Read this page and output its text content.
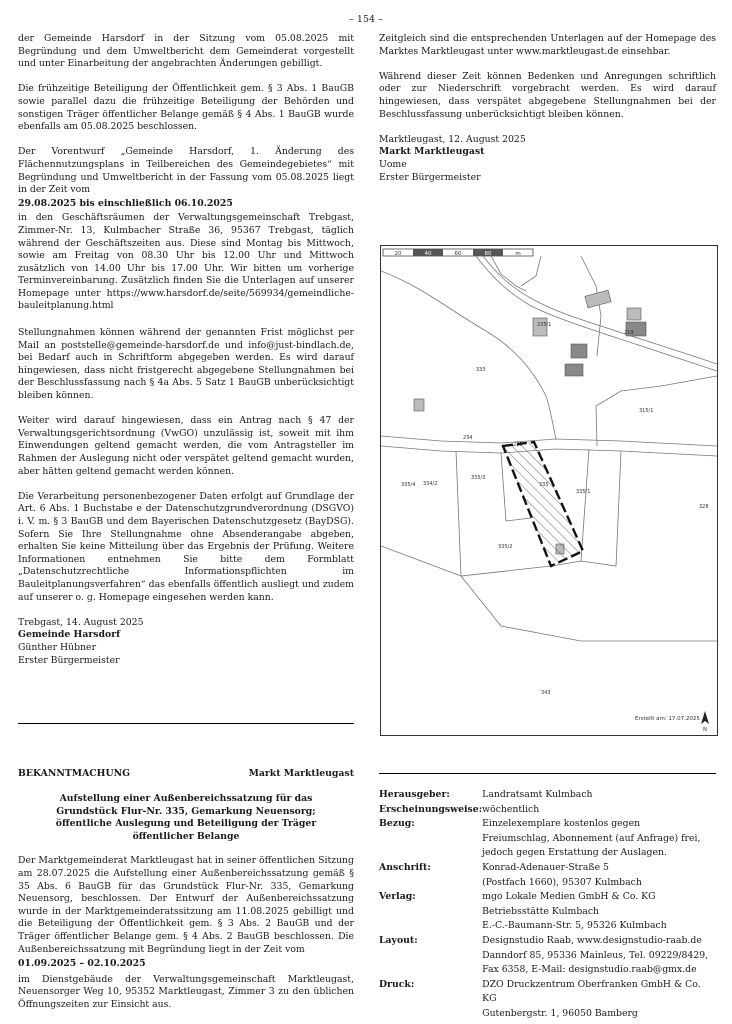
– 154 –

der Gemeinde Harsdorf in der Sitzung vom 05.08.2025 mit Begründung und dem Umweltbericht dem Gemeinderat vorgestellt und unter Einarbeitung der angebrachten Änderungen gebilligt.

Die frühzeitige Beteiligung der Öffentlichkeit gem. § 3 Abs. 1 BauGB sowie parallel dazu die frühzeitige Beteiligung der Behörden und sonstigen Träger öffentlicher Belange gemäß § 4 Abs. 1 BauGB wurde ebenfalls am 05.08.2025 beschlossen.

Der Vorentwurf „Gemeinde Harsdorf, 1. Änderung des Flächennutzungsplans in Teilbereichen des Gemeindegebietes“ mit Begründung und Umweltbericht in der Fassung vom 05.08.2025 liegt in der Zeit vom

29.08.2025 bis einschließlich 06.10.2025

in den Geschäftsräumen der Verwaltungsgemeinschaft Trebgast, Zimmer-Nr. 13, Kulmbacher Straße 36, 95367 Trebgast, täglich während der Geschäftszeiten aus. Diese sind Montag bis Mittwoch, sowie am Freitag von 08.30 Uhr bis 12.00 Uhr und Mittwoch zusätzlich von 14.00 Uhr bis 17.00 Uhr. Wir bitten um vorherige Terminvereinbarung. Zusätzlich finden Sie die Unterlagen auf unserer Homepage unter https://www.harsdorf.de/seite/569934/gemeindliche-bauleitplanung.html

Stellungnahmen können während der genannten Frist möglichst per Mail an poststelle@gemeinde-harsdorf.de und info@just-bindlach.de, bei Bedarf auch in Schriftform abgegeben werden. Es wird darauf hingewiesen, dass nicht fristgerecht abgegebene Stellungnahmen bei der Beschlussfassung nach § 4a Abs. 5 Satz 1 BauGB unberücksichtigt bleiben können.

Weiter wird darauf hingewiesen, dass ein Antrag nach § 47 der Verwaltungsgerichtsordnung (VwGO) unzulässig ist, soweit mit ihm Einwendungen geltend gemacht werden, die vom Antragsteller im Rahmen der Auslegung nicht oder verspätet geltend gemacht wurden, aber hätten geltend gemacht werden können.

Die Verarbeitung personenbezogener Daten erfolgt auf Grundlage der Art. 6 Abs. 1 Buchstabe e der Datenschutzgrundverordnung (DSGVO) i. V. m. § 3 BauGB und dem Bayerischen Datenschutzgesetz (BayDSG). Sofern Sie Ihre Stellungnahme ohne Absenderangabe abgeben, erhalten Sie keine Mitteilung über das Ergebnis der Prüfung. Weitere Informationen entnehmen Sie bitte dem Formblatt „Datenschutzrechtliche Informationspflichten im Bauleitplanungsverfahren“ das ebenfalls öffentlich ausliegt und zudem auf unserer o. g. Homepage eingesehen werden kann.

Trebgast, 14. August 2025
Gemeinde Harsdorf
Günther Hübner
Erster Bürgermeister

Zeitgleich sind die entsprechenden Unterlagen auf der Homepage des Marktes Marktleugast unter www.marktleugast.de einsehbar.

Während dieser Zeit können Bedenken und Anregungen schriftlich oder zur Niederschrift vorgebracht werden. Es wird darauf hingewiesen, dass verspätet abgegebene Stellungnahmen bei der Beschlussfassung unberücksichtigt bleiben können.

Marktleugast, 12. August 2025
Markt Marktleugast
Uome
Erster Bürgermeister
20	40	60	80	m
333
234
235/1
219
315/1
334/2
335/1
335/2
335/3
335/4
328
343
335
233
Erstellt am: 17.07.2025
N
BEKANNTMACHUNG	Markt Marktleugast
Aufstellung einer Außenbereichssatzung für das Grundstück Flur-Nr. 335, Gemarkung Neuensorg; öffentliche Auslegung und Beteiligung der Träger öffentlicher Belange

Der Marktgemeinderat Marktleugast hat in seiner öffentlichen Sitzung am 28.07.2025 die Aufstellung einer Außenbereichssatzung gemäß § 35 Abs. 6 BauGB für das Grundstück Flur-Nr. 335, Gemarkung Neuensorg, beschlossen. Der Entwurf der Außenbereichssatzung wurde in der Marktgemeinderatssitzung am 11.08.2025 gebilligt und die Beteiligung der Öffentlichkeit gem. § 3 Abs. 2 BauGB und der Träger öffentlicher Belange gem. § 4 Abs. 2 BauGB beschlossen. Die Außenbereichssatzung mit Begründung liegt in der Zeit vom

01.09.2025 – 02.10.2025

im Dienstgebäude der Verwaltungsgemeinschaft Marktleugast, Neuensorger Weg 10, 95352 Marktleugast, Zimmer 3 zu den üblichen Öffnungszeiten zur Einsicht aus.

Herausgeber:	Landratsamt Kulmbach

Erscheinungsweise:	wöchentlich

Bezug:	Einzelexemplare kostenlos gegen
Freiumschlag, Abonnement (auf Anfrage) frei,
jedoch gegen Erstattung der Auslagen.

Anschrift:	Konrad-Adenauer-Straße 5
(Postfach 1660), 95307 Kulmbach

Verlag:	mgo Lokale Medien GmbH & Co. KG
Betriebsstätte Kulmbach
E.-C.-Baumann-Str. 5, 95326 Kulmbach

Layout:	Designstudio Raab, www.designstudio-raab.de
Danndorf 85, 95336 Mainleus, Tel. 09229/8429,
Fax 6358, E-Mail: designstudio.raab@gmx.de

Druck:	DZO Druckzentrum Oberfranken GmbH & Co. KG
Gutenbergstr. 1, 96050 Bamberg
